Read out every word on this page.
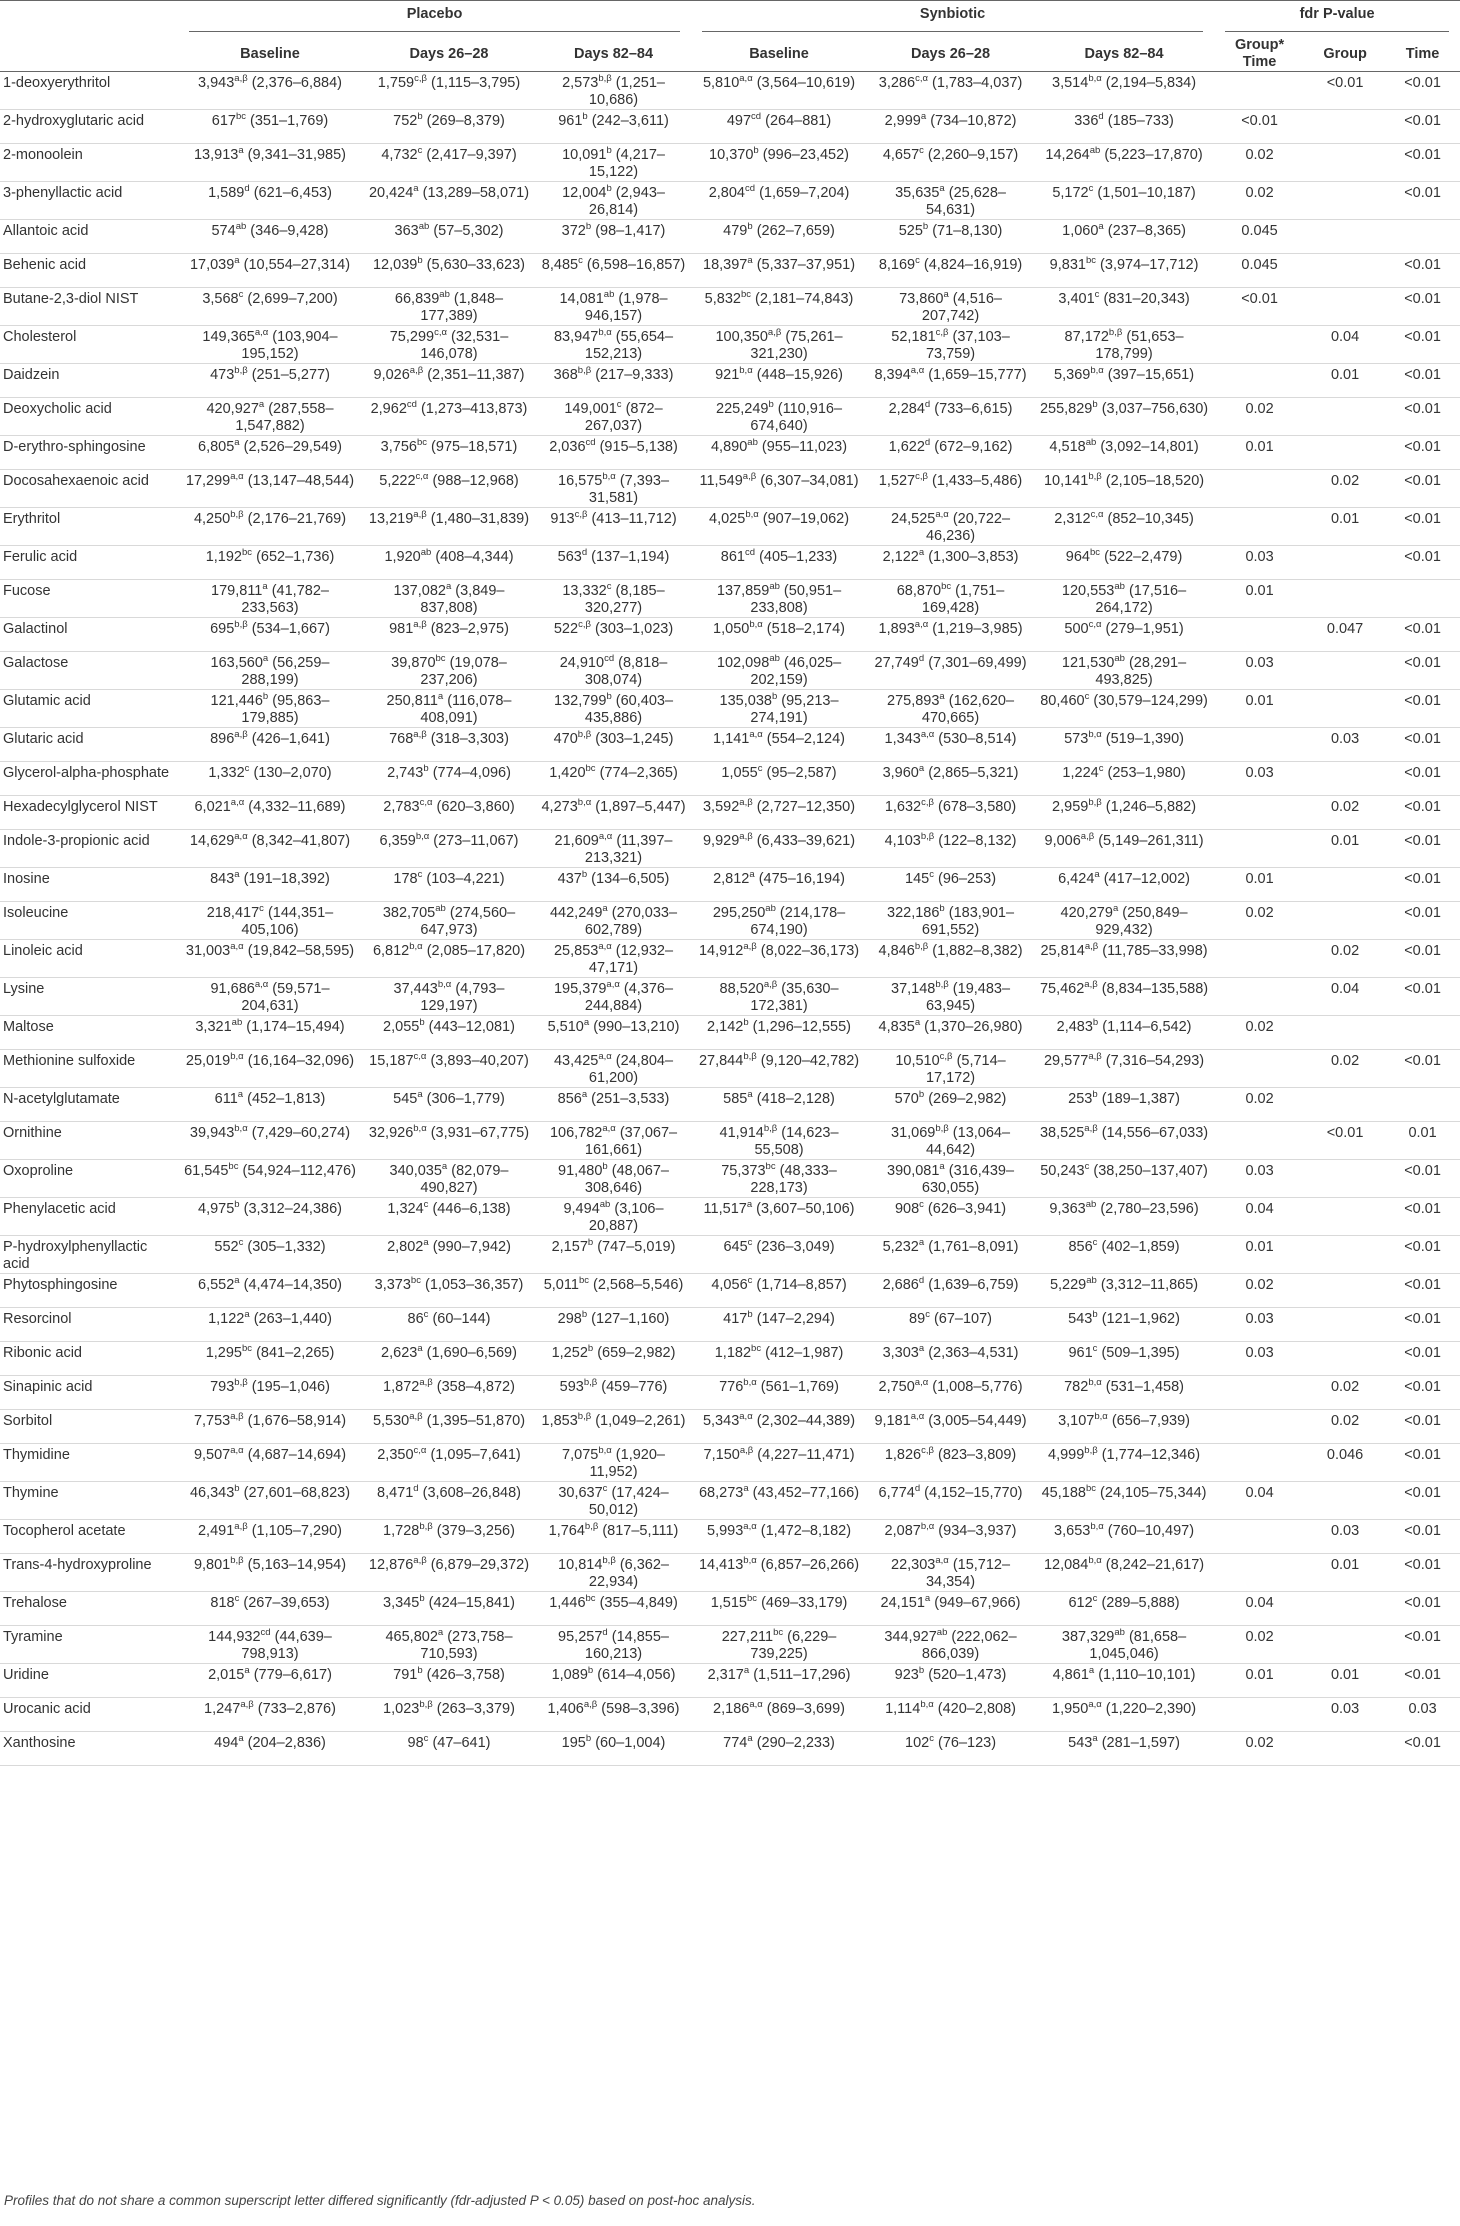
	Placebo			Synbiotic			fdr P-value		

	Baseline	Days 26–28	Days 82–84	Baseline	Days 26–28	Days 82–84	Group* Time	Group	Time
1-deoxyerythritol	$3,943^{a,\beta}$ (2,376–6,884)	$1,759^{c,\beta}$ (1,115–3,795)	$2,573^{b,\beta}$ (1,251–10,686)	$5,810^{a,\alpha}$ (3,564–10,619)	$3,286^{c,\alpha}$ (1,783–4,037)	$3,514^{b,\alpha}$ (2,194–5,834)		<0.01	<0.01
2-hydroxyglutaric acid	$617^{bc}$ (351–1,769)	752$^b$ (269–8,379)	961$^b$ (242–3,611)	$497^{cd}$ (264–881)	2,999$^a$ (734–10,872)	336$^d$ (185–733)	<0.01		<0.01
2-monoolein	13,913$^a$ (9,341–31,985)	4,732$^c$ (2,417–9,397)	10,091$^b$ (4,217–15,122)	10,370$^b$ (996–23,452)	4,657$^c$ (2,260–9,157)	14,264$^{ab}$ (5,223–17,870)	0.02		<0.01
3-phenyllactic acid	1,589$^d$ (621–6,453)	20,424$^a$ (13,289–58,071)	12,004$^b$ (2,943–26,814)	2,804$^{cd}$ (1,659–7,204)	35,635$^a$ (25,628–54,631)	5,172$^c$ (1,501–10,187)	0.02		<0.01
Allantoic acid	$574^{ab}$ (346–9,428)	$363^{ab}$ (57–5,302)	372$^b$ (98–1,417)	479$^b$ (262–7,659)	525$^b$ (71–8,130)	1,060$^a$ (237–8,365)	0.045		
Behenic acid	17,039$^a$ (10,554–27,314)	12,039$^b$ (5,630–33,623)	8,485$^c$ (6,598–16,857)	18,397$^a$ (5,337–37,951)	8,169$^c$ (4,824–16,919)	9,831$^{bc}$ (3,974–17,712)	0.045		<0.01
Butane-2,3-diol NIST	3,568$^c$ (2,699–7,200)	66,839$^{ab}$ (1,848–177,389)	14,081$^{ab}$ (1,978–946,157)	5,832$^{bc}$ (2,181–74,843)	73,860$^a$ (4,516–207,742)	3,401$^c$ (831–20,343)	<0.01		<0.01
Cholesterol	$149,365^{a,\alpha}$ (103,904–195,152)	$75,299^{c,\alpha}$ (32,531–146,078)	$83,947^{b,\alpha}$ (55,654–152,213)	$100,350^{a,\beta}$ (75,261–321,230)	$52,181^{c,\beta}$ (37,103–73,759)	$87,172^{b,\beta}$ (51,653–178,799)		0.04	<0.01
Daidzein	$473^{b,\beta}$ (251–5,277)	$9,026^{a,\beta}$ (2,351–11,387)	$368^{b,\beta}$ (217–9,333)	$921^{b,\alpha}$ (448–15,926)	$8,394^{a,\alpha}$ (1,659–15,777)	$5,369^{b,\alpha}$ (397–15,651)		0.01	<0.01
Deoxycholic acid	420,927$^a$ (287,558–1,547,882)	2,962$^{cd}$ (1,273–413,873)	149,001$^c$ (872–267,037)	225,249$^b$ (110,916–674,640)	2,284$^d$ (733–6,615)	255,829$^b$ (3,037–756,630)	0.02		<0.01
D-erythro-sphingosine	6,805$^a$ (2,526–29,549)	3,756$^{bc}$ (975–18,571)	2,036$^{cd}$ (915–5,138)	4,890$^{ab}$ (955–11,023)	1,622$^d$ (672–9,162)	4,518$^{ab}$ (3,092–14,801)	0.01		<0.01
Docosahexaenoic acid	$17,299^{a,\alpha}$ (13,147–48,544)	$5,222^{c,\alpha}$ (988–12,968)	$16,575^{b,\alpha}$ (7,393–31,581)	$11,549^{a,\beta}$ (6,307–34,081)	$1,527^{c,\beta}$ (1,433–5,486)	$10,141^{b,\beta}$ (2,105–18,520)		0.02	<0.01
Erythritol	$4,250^{b,\beta}$ (2,176–21,769)	$13,219^{a,\beta}$ (1,480–31,839)	$913^{c,\beta}$ (413–11,712)	$4,025^{b,\alpha}$ (907–19,062)	$24,525^{a,\alpha}$ (20,722–46,236)	$2,312^{c,\alpha}$ (852–10,345)		0.01	<0.01
Ferulic acid	1,192$^{bc}$ (652–1,736)	1,920$^{ab}$ (408–4,344)	563$^d$ (137–1,194)	$861^{cd}$ (405–1,233)	2,122$^a$ (1,300–3,853)	$964^{bc}$ (522–2,479)	0.03		<0.01
Fucose	179,811$^a$ (41,782–233,563)	137,082$^a$ (3,849–837,808)	13,332$^c$ (8,185–320,277)	137,859$^{ab}$ (50,951–233,808)	68,870$^{bc}$ (1,751–169,428)	120,553$^{ab}$ (17,516–264,172)	0.01		
Galactinol	$695^{b,\beta}$ (534–1,667)	$981^{a,\beta}$ (823–2,975)	$522^{c,\beta}$ (303–1,023)	$1,050^{b,\alpha}$ (518–2,174)	$1,893^{a,\alpha}$ (1,219–3,985)	$500^{c,\alpha}$ (279–1,951)		0.047	<0.01
Galactose	163,560$^a$ (56,259–288,199)	39,870$^{bc}$ (19,078–237,206)	24,910$^{cd}$ (8,818–308,074)	102,098$^{ab}$ (46,025–202,159)	27,749$^d$ (7,301–69,499)	121,530$^{ab}$ (28,291–493,825)	0.03		<0.01
Glutamic acid	121,446$^b$ (95,863–179,885)	250,811$^a$ (116,078–408,091)	132,799$^b$ (60,403–435,886)	135,038$^b$ (95,213–274,191)	275,893$^a$ (162,620–470,665)	80,460$^c$ (30,579–124,299)	0.01		<0.01
Glutaric acid	$896^{a,\beta}$ (426–1,641)	$768^{a,\beta}$ (318–3,303)	$470^{b,\beta}$ (303–1,245)	$1,141^{a,\alpha}$ (554–2,124)	$1,343^{a,\alpha}$ (530–8,514)	$573^{b,\alpha}$ (519–1,390)		0.03	<0.01
Glycerol-alpha-phosphate	1,332$^c$ (130–2,070)	2,743$^b$ (774–4,096)	1,420$^{bc}$ (774–2,365)	1,055$^c$ (95–2,587)	3,960$^a$ (2,865–5,321)	1,224$^c$ (253–1,980)	0.03		<0.01
Hexadecylglycerol NIST	$6,021^{a,\alpha}$ (4,332–11,689)	$2,783^{c,\alpha}$ (620–3,860)	$4,273^{b,\alpha}$ (1,897–5,447)	$3,592^{a,\beta}$ (2,727–12,350)	$1,632^{c,\beta}$ (678–3,580)	$2,959^{b,\beta}$ (1,246–5,882)		0.02	<0.01
Indole-3-propionic acid	$14,629^{a,\alpha}$ (8,342–41,807)	$6,359^{b,\alpha}$ (273–11,067)	$21,609^{a,\alpha}$ (11,397–213,321)	$9,929^{a,\beta}$ (6,433–39,621)	$4,103^{b,\beta}$ (122–8,132)	$9,006^{a,\beta}$ (5,149–261,311)		0.01	<0.01
Inosine	843$^a$ (191–18,392)	178$^c$ (103–4,221)	437$^b$ (134–6,505)	2,812$^a$ (475–16,194)	145$^c$ (96–253)	6,424$^a$ (417–12,002)	0.01		<0.01
Isoleucine	218,417$^c$ (144,351–405,106)	382,705$^{ab}$ (274,560–647,973)	442,249$^a$ (270,033–602,789)	295,250$^{ab}$ (214,178–674,190)	322,186$^b$ (183,901–691,552)	420,279$^a$ (250,849–929,432)	0.02		<0.01
Linoleic acid	$31,003^{a,\alpha}$ (19,842–58,595)	$6,812^{b,\alpha}$ (2,085–17,820)	$25,853^{a,\alpha}$ (12,932–47,171)	$14,912^{a,\beta}$ (8,022–36,173)	$4,846^{b,\beta}$ (1,882–8,382)	$25,814^{a,\beta}$ (11,785–33,998)		0.02	<0.01
Lysine	$91,686^{a,\alpha}$ (59,571–204,631)	$37,443^{b,\alpha}$ (4,793–129,197)	$195,379^{a,\alpha}$ (4,376–244,884)	$88,520^{a,\beta}$ (35,630–172,381)	$37,148^{b,\beta}$ (19,483–63,945)	$75,462^{a,\beta}$ (8,834–135,588)		0.04	<0.01
Maltose	3,321$^{ab}$ (1,174–15,494)	2,055$^b$ (443–12,081)	5,510$^a$ (990–13,210)	2,142$^b$ (1,296–12,555)	4,835$^a$ (1,370–26,980)	2,483$^b$ (1,114–6,542)	0.02		
Methionine sulfoxide	$25,019^{b,\alpha}$ (16,164–32,096)	$15,187^{c,\alpha}$ (3,893–40,207)	$43,425^{a,\alpha}$ (24,804–61,200)	$27,844^{b,\beta}$ (9,120–42,782)	$10,510^{c,\beta}$ (5,714–17,172)	$29,577^{a,\beta}$ (7,316–54,293)		0.02	<0.01
N-acetylglutamate	611$^a$ (452–1,813)	545$^a$ (306–1,779)	856$^a$ (251–3,533)	585$^a$ (418–2,128)	570$^b$ (269–2,982)	253$^b$ (189–1,387)	0.02		
Ornithine	$39,943^{b,\alpha}$ (7,429–60,274)	$32,926^{b,\alpha}$ (3,931–67,775)	$106,782^{a,\alpha}$ (37,067–161,661)	$41,914^{b,\beta}$ (14,623–55,508)	$31,069^{b,\beta}$ (13,064–44,642)	$38,525^{a,\beta}$ (14,556–67,033)		<0.01	0.01
Oxoproline	61,545$^{bc}$ (54,924–112,476)	340,035$^a$ (82,079–490,827)	91,480$^b$ (48,067–308,646)	75,373$^{bc}$ (48,333–228,173)	390,081$^a$ (316,439–630,055)	50,243$^c$ (38,250–137,407)	0.03		<0.01
Phenylacetic acid	4,975$^b$ (3,312–24,386)	1,324$^c$ (446–6,138)	9,494$^{ab}$ (3,106–20,887)	11,517$^a$ (3,607–50,106)	908$^c$ (626–3,941)	9,363$^{ab}$ (2,780–23,596)	0.04		<0.01
P-hydroxylphenyllactic acid	552$^c$ (305–1,332)	2,802$^a$ (990–7,942)	2,157$^b$ (747–5,019)	645$^c$ (236–3,049)	5,232$^a$ (1,761–8,091)	856$^c$ (402–1,859)	0.01		<0.01
Phytosphingosine	6,552$^a$ (4,474–14,350)	3,373$^{bc}$ (1,053–36,357)	5,011$^{bc}$ (2,568–5,546)	4,056$^c$ (1,714–8,857)	2,686$^d$ (1,639–6,759)	5,229$^{ab}$ (3,312–11,865)	0.02		<0.01
Resorcinol	1,122$^a$ (263–1,440)	86$^c$ (60–144)	298$^b$ (127–1,160)	417$^b$ (147–2,294)	89$^c$ (67–107)	543$^b$ (121–1,962)	0.03		<0.01
Ribonic acid	1,295$^{bc}$ (841–2,265)	2,623$^a$ (1,690–6,569)	1,252$^b$ (659–2,982)	1,182$^{bc}$ (412–1,987)	3,303$^a$ (2,363–4,531)	961$^c$ (509–1,395)	0.03		<0.01
Sinapinic acid	$793^{b,\beta}$ (195–1,046)	$1,872^{a,\beta}$ (358–4,872)	$593^{b,\beta}$ (459–776)	$776^{b,\alpha}$ (561–1,769)	$2,750^{a,\alpha}$ (1,008–5,776)	$782^{b,\alpha}$ (531–1,458)		0.02	<0.01
Sorbitol	$7,753^{a,\beta}$ (1,676–58,914)	$5,530^{a,\beta}$ (1,395–51,870)	$1,853^{b,\beta}$ (1,049–2,261)	$5,343^{a,\alpha}$ (2,302–44,389)	$9,181^{a,\alpha}$ (3,005–54,449)	$3,107^{b,\alpha}$ (656–7,939)		0.02	<0.01
Thymidine	$9,507^{a,\alpha}$ (4,687–14,694)	$2,350^{c,\alpha}$ (1,095–7,641)	$7,075^{b,\alpha}$ (1,920–11,952)	$7,150^{a,\beta}$ (4,227–11,471)	$1,826^{c,\beta}$ (823–3,809)	$4,999^{b,\beta}$ (1,774–12,346)		0.046	<0.01
Thymine	46,343$^b$ (27,601–68,823)	8,471$^d$ (3,608–26,848)	30,637$^c$ (17,424–50,012)	68,273$^a$ (43,452–77,166)	6,774$^d$ (4,152–15,770)	45,188$^{bc}$ (24,105–75,344)	0.04		<0.01
Tocopherol acetate	$2,491^{a,\beta}$ (1,105–7,290)	$1,728^{b,\beta}$ (379–3,256)	$1,764^{b,\beta}$ (817–5,111)	$5,993^{a,\alpha}$ (1,472–8,182)	$2,087^{b,\alpha}$ (934–3,937)	$3,653^{b,\alpha}$ (760–10,497)		0.03	<0.01
Trans-4-hydroxyproline	$9,801^{b,\beta}$ (5,163–14,954)	$12,876^{a,\beta}$ (6,879–29,372)	$10,814^{b,\beta}$ (6,362–22,934)	$14,413^{b,\alpha}$ (6,857–26,266)	$22,303^{a,\alpha}$ (15,712–34,354)	$12,084^{b,\alpha}$ (8,242–21,617)		0.01	<0.01
Trehalose	818$^c$ (267–39,653)	3,345$^b$ (424–15,841)	1,446$^{bc}$ (355–4,849)	1,515$^{bc}$ (469–33,179)	24,151$^a$ (949–67,966)	612$^c$ (289–5,888)	0.04		<0.01
Tyramine	144,932$^{cd}$ (44,639–798,913)	465,802$^a$ (273,758–710,593)	95,257$^d$ (14,855–160,213)	227,211$^{bc}$ (6,229–739,225)	344,927$^{ab}$ (222,062–866,039)	387,329$^{ab}$ (81,658–1,045,046)	0.02		<0.01
Uridine	2,015$^a$ (779–6,617)	791$^b$ (426–3,758)	1,089$^b$ (614–4,056)	2,317$^a$ (1,511–17,296)	923$^b$ (520–1,473)	4,861$^a$ (1,110–10,101)	0.01	0.01	<0.01
Urocanic acid	$1,247^{a,\beta}$ (733–2,876)	$1,023^{b,\beta}$ (263–3,379)	$1,406^{a,\beta}$ (598–3,396)	$2,186^{a,\alpha}$ (869–3,699)	$1,114^{b,\alpha}$ (420–2,808)	$1,950^{a,\alpha}$ (1,220–2,390)		0.03	0.03
Xanthosine	494$^a$ (204–2,836)	98$^c$ (47–641)	195$^b$ (60–1,004)	774$^a$ (290–2,233)	102$^c$ (76–123)	543$^a$ (281–1,597)	0.02		<0.01
Profiles that do not share a common superscript letter differed significantly (fdr-adjusted P < 0.05) based on post-hoc analysis.
